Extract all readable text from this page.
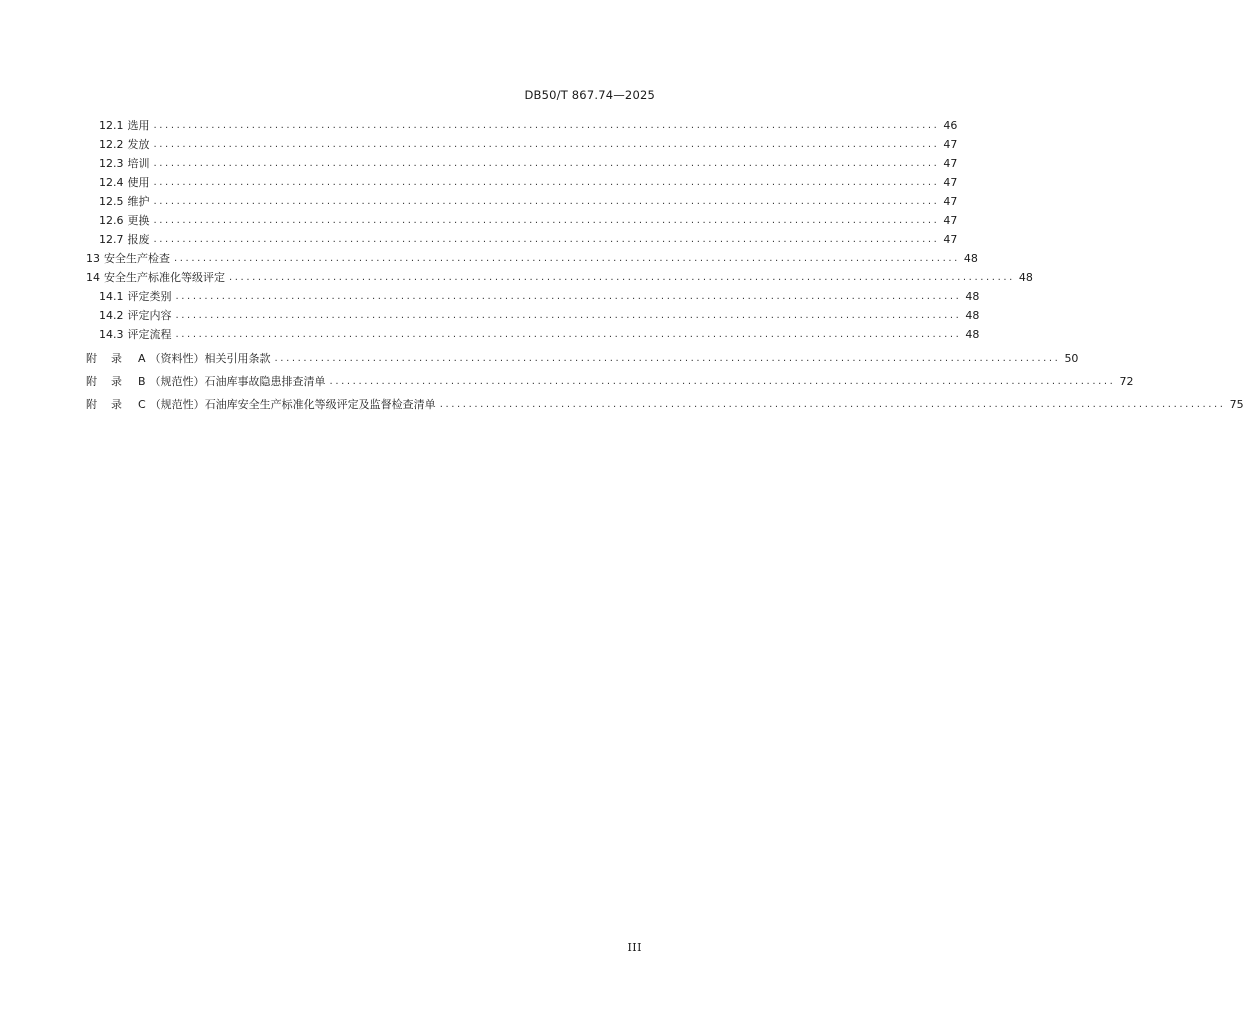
DB50/T 867.74—2025
12.1 选用 ........................................................................................................................................ 46
12.2 发放 ........................................................................................................................................ 47
12.3 培训 ........................................................................................................................................ 47
12.4 使用 ........................................................................................................................................ 47
12.5 维护 ........................................................................................................................................ 47
12.6 更换 ........................................................................................................................................ 47
12.7 报废 ........................................................................................................................................ 47
13 安全生产检查 ........................................................................................................................................ 48
14 安全生产标准化等级评定 ........................................................................................................................................ 48
14.1 评定类别 ........................................................................................................................................ 48
14.2 评定内容 ........................................................................................................................................ 48
14.3 评定流程 ........................................................................................................................................ 48
附 录 A （资料性） 相关引用条款 ........................................................................................................................................ 50
附 录 B （规范性） 石油库事故隐患排查清单 ........................................................................................................................................ 72
附 录 C （规范性） 石油库安全生产标准化等级评定及监督检查清单 ........................................................................................................................................ 75
III
